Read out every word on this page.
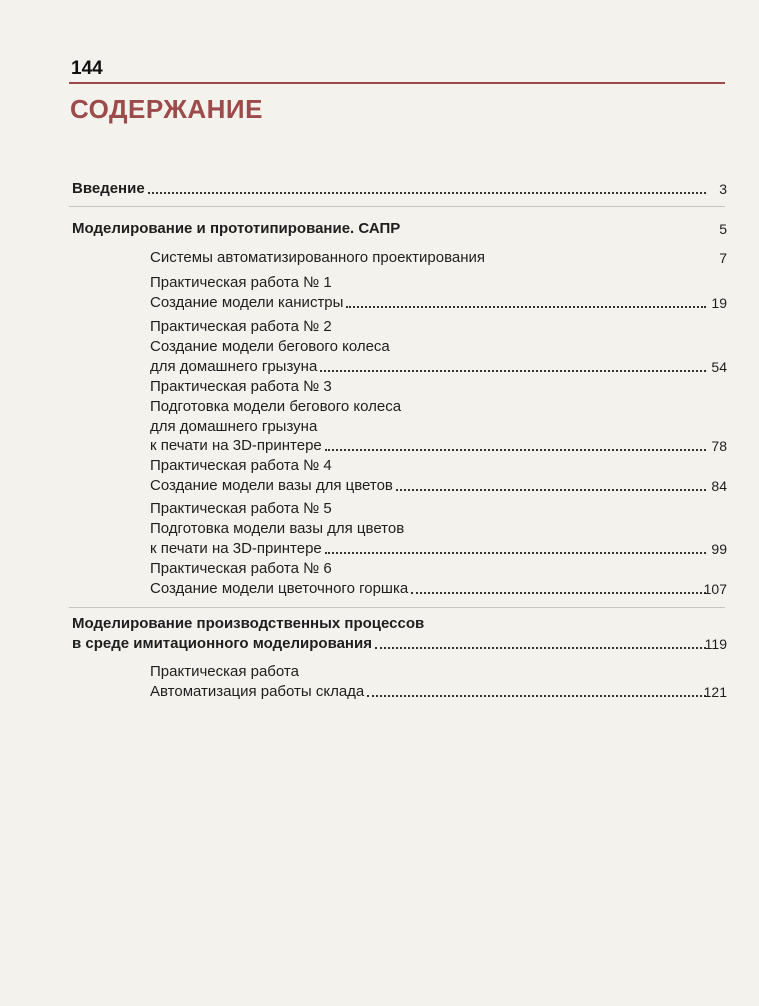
144
СОДЕРЖАНИЕ
Введение	3
Моделирование и прототипирование. САПР	5
Системы автоматизированного проектирования	7
Практическая работа № 1
Создание модели канистры	19
Практическая работа № 2
Создание модели бегового колеса
для домашнего грызуна	54
Практическая работа № 3
Подготовка модели бегового колеса
для домашнего грызуна
к печати на 3D-принтере	78
Практическая работа № 4
Создание модели вазы для цветов	84
Практическая работа № 5
Подготовка модели вазы для цветов
к печати на 3D-принтере	99
Практическая работа № 6
Создание модели цветочного горшка	107
Моделирование производственных процессов
в среде имитационного моделирования	119
Практическая работа
Автоматизация работы склада	121
